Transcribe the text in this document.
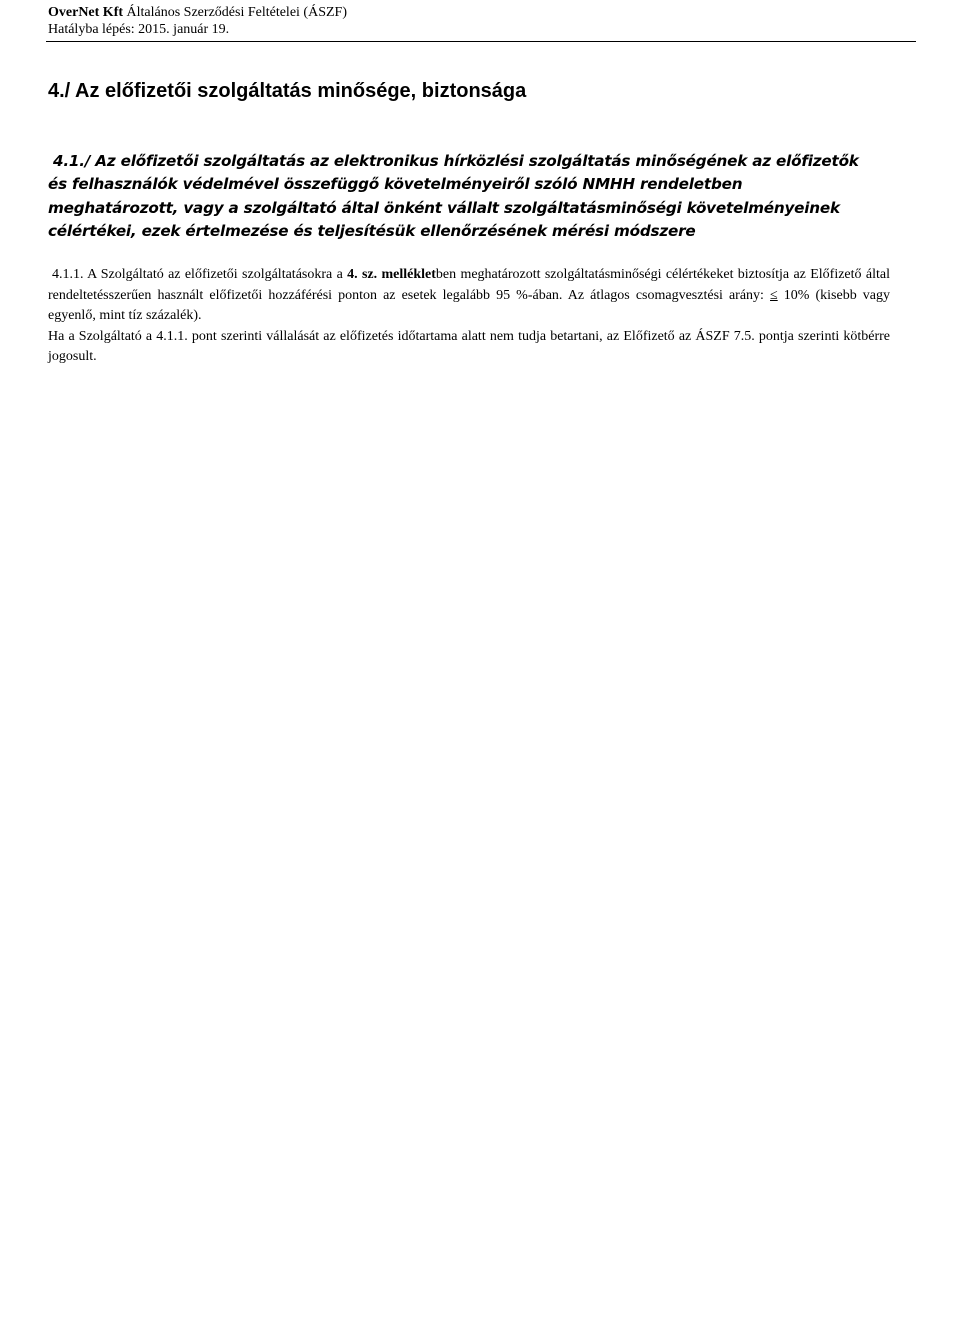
OverNet Kft Általános Szerződési Feltételei (ÁSZF)
Hatályba lépés: 2015. január 19.
4./ Az előfizetői szolgáltatás minősége, biztonsága
4.1./ Az előfizetői szolgáltatás az elektronikus hírközlési szolgáltatás minőségének az előfizetők
és felhasználók védelmével összefüggő követelményeiről szóló NMHH rendeletben
meghatározott, vagy a szolgáltató által önként vállalt szolgáltatásminőségi követelményeinek
célértékei, ezek értelmezése és teljesítésük ellenőrzésének mérési módszere

4.1.1. A Szolgáltató az előfizetői szolgáltatásokra a 4. sz. mellékletben meghatározott szolgáltatásminőségi célértékeket biztosítja az Előfizető által rendeltetésszerűen használt előfizetői hozzáférési ponton az esetek legalább 95 %-ában. Az átlagos csomagvesztési arány: ≤ 10% (kisebb vagy egyenlő, mint tíz százalék).

Ha a Szolgáltató a 4.1.1. pont szerinti vállalását az előfizetés időtartama alatt nem tudja betartani, az Előfizető az ÁSZF 7.5. pontja szerinti kötbérre jogosult.
